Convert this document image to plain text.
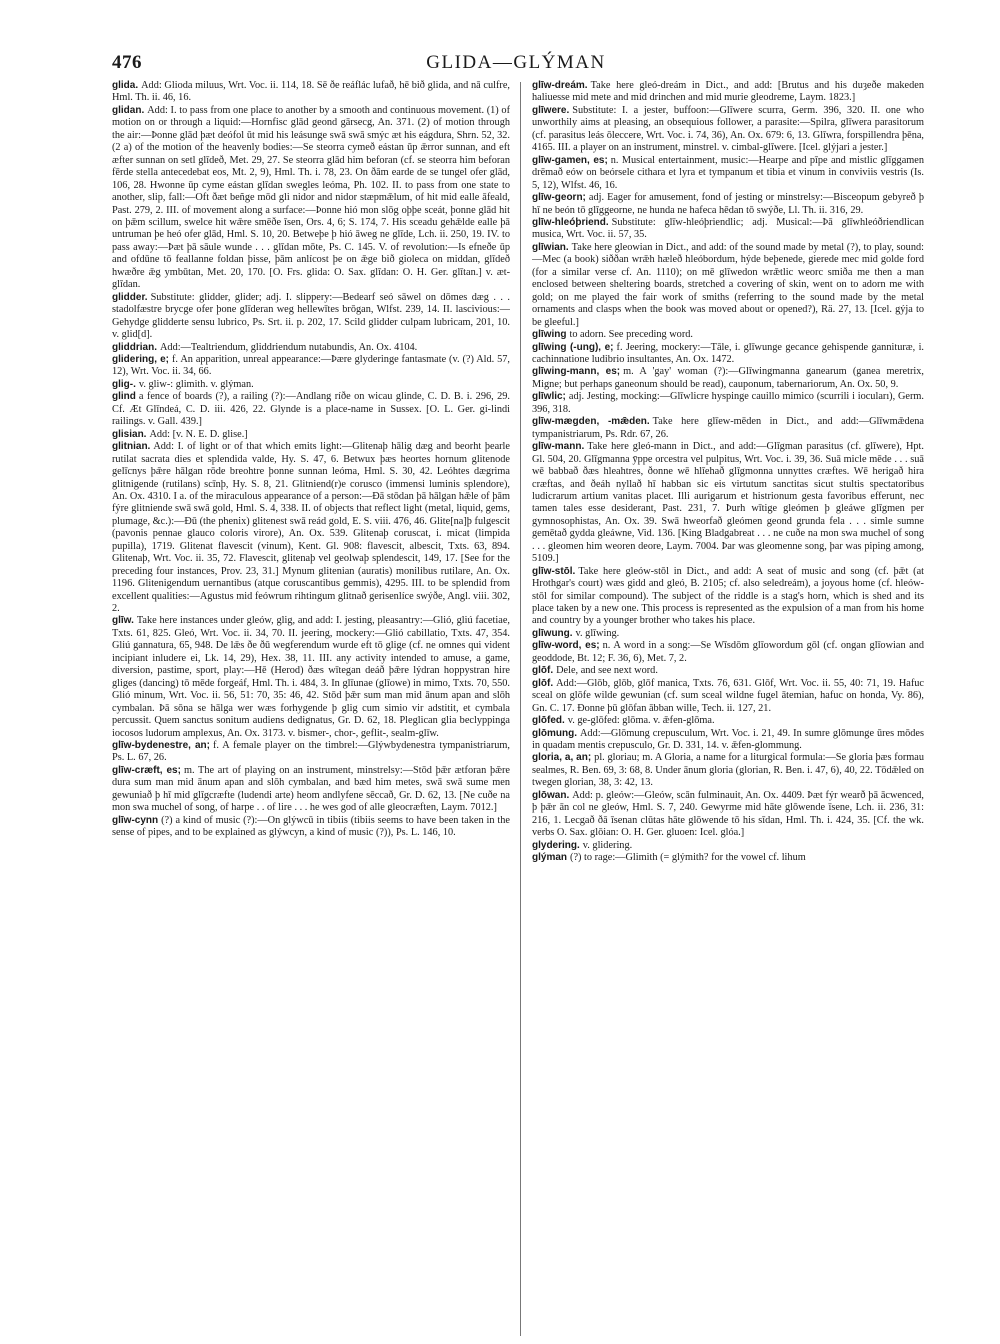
476	GLIDA—GLÝMAN

glida. Add: Glioda miluus, Wrt. Voc. ii. 114, 18. Sē ðe reáflác lufað, hē bið glida, and nā culfre, Hml. Th. ii. 46, 16.

glidan. Add: I. to pass from one place to another by a smooth and continuous movement. (1) of motion on or through a liquid:—Hornfisc glād geond gārsecg, An. 371. (2) of motion through the air:—Þonne glād þæt deófol ūt mid his leásunge swā swā smýc æt his eágdura, Shrn. 52, 32. (2 a) of the motion of the heavenly bodies:—Se steorra cymeð eástan ūp ǣrror sunnan, and eft æfter sunnan on setl glīdeð, Met. 29, 27. Se steorra glād him beforan (cf. se steorra him beforan fērde stella antecedebat eos, Mt. 2, 9), Hml. Th. i. 78, 23. On ðām earde de se tungel ofer glād, 106, 28. Hwonne ūp cyme eástan glīdan swegles leóma, Ph. 102. II. to pass from one state to another, slip, fall:—Oft ðæt beñge mōd gli nidor and nidor stæpmǣlum, of hit mid ealle āfeald, Past. 279, 2. III. of movement along a surface:—Þonne hió mon slōg oþþe sceát, þonne glād hit on þǣm scillum, swelce hit wǣre smēðe īsen, Ors. 4, 6; S. 174, 7. His sceadu gehǣlde ealle þā untruman þe heó ofer glād, Hml. S. 10, 20. Betweþe þ hió āweg ne glīde, Lch. ii. 250, 19. IV. to pass away:—Þæt þā sāule wunde . . . glīdan mōte, Ps. C. 145. V. of revolution:—Is efneðe ūp and ofdūne tō feallanne foldan þisse, þām anlícost þe on ǣge bið gioleca on middan, glīdeð hwæðre ǣg ymbūtan, Met. 20, 170. [O. Frs. glida: O. Sax. glīdan: O. H. Ger. glītan.] v. æt-glīdan.

glidder. Substitute: glidder, glider; adj. I. slippery:—Bedearf seó sāwel on dōmes dæg . . . stadolfæstre brycge ofer þone glīderan weg hellewītes brōgan, Wlfst. 239, 14. II. lascivious:—Gehydge glidderte sensu lubrico, Ps. Srt. ii. p. 202, 17. Scild glidder culpam lubricam, 201, 10. v. glid[d].

gliddrian. Add:—Tealtriendum, gliddriendum nutabundis, An. Ox. 4104.

glidering, e; f. An apparition, unreal appearance:—Þære glyderinge fantasmate (v. (?) Ald. 57, 12), Wrt. Voc. ii. 34, 66.

glig-. v. gliw-: glimith. v. glýman.

glind a fence of boards (?), a railing (?):—Andlang ríðe on wicau glinde, C. D. B. i. 296, 29. Cf. Æt Glīndeá, C. D. iii. 426, 22. Glynde is a place-name in Sussex. [O. L. Ger. gi-lindi railings. v. Gall. 439.]

glisian. Add: [v. N. E. D. glise.]

glitnian. Add: I. of light or of that which emits light:—Glitenaþ hālig dæg and beorht þearle rutilat sacrata dies et splendida valde, Hy. S. 47, 6. Betwux þæs heortes hornum glitenode gelīcnys þǣre hālgan rōde breohtre þonne sunnan leóma, Hml. S. 30, 42. Leóhtes dægrima glitnigende (rutilans) scīnþ, Hy. S. 8, 21. Glitniend(r)e corusco (immensi luminis splendore), An. Ox. 4310. I a. of the miraculous appearance of a person:—Ðā stōdan þā hālgan hǣle of þām fýre glitniende swā swā gold, Hml. S. 4, 338. II. of objects that reflect light (metal, liquid, gems, plumage, &c.):—Ðū (the phenix) glitenest swā reád gold, E. S. viii. 476, 46. Glite[na]þ fulgescit (pavonis pennae glauco coloris virore), An. Ox. 539. Glitenaþ coruscat, i. micat (limpida pupilla), 1719. Glitenat flavescit (vinum), Kent. Gl. 908: flavescit, albescit, Txts. 63, 894. Glitenaþ, Wrt. Voc. ii. 35, 72. Flavescit, glitenaþ vel geolwaþ splendescit, 149, 17. [See for the preceding four instances, Prov. 23, 31.] Mynum glitenian (auratis) monilibus rutilare, An. Ox. 1196. Glitenigendum uernantibus (atque coruscantibus gemmis), 4295. III. to be splendid from excellent qualities:—Agustus mid feówrum rihtingum glitnað gerisenlíce swýðe, Angl. viii. 302, 2.

glīw. Take here instances under gleów, glig, and add: I. jesting, pleasantry:—Glió, gliú facetiae, Txts. 61, 825. Gleó, Wrt. Voc. ii. 34, 70. II. jeering, mockery:—Glió cabillatio, Txts. 47, 354. Gliú gannatura, 65, 948. De lǣs ðe ðū wegferendum wurde eft tō glige (cf. ne omnes qui vident incipiant inludere ei, Lk. 14, 29), Hex. 38, 11. III. any activity intended to amuse, a game, diversion, pastime, sport, play:—Hē (Herod) ðæs wītegan deáð þǣre lýdran hoppystran hire gliges (dancing) tō mēde forgeáf, Hml. Th. i. 484, 3. In glīunae (glīowe) in mimo, Txts. 70, 550. Glió minum, Wrt. Voc. ii. 56, 51: 70, 35: 46, 42. Stōd þǣr sum man mid ānum apan and slōh cymbalan. Þā sōna se hālga wer wæs forhygende þ glig cum simio vir adstitit, et cymbala percussit. Quem sanctus sonitum audiens dedignatus, Gr. D. 62, 18. Pleglican glia beclyppinga iocosos ludorum amplexus, An. Ox. 3173. v. bismer-, chor-, geflit-, sealm-glīw.

glīw-bydenestre, an; f. A female player on the timbrel:—Glýwbydenestra tympanistriarum, Ps. L. 67, 26.

glīw-cræft, es; m. The art of playing on an instrument, minstrelsy:—Stōd þǣr ætforan þǣre dura sum man mid ānum apan and slōh cymbalan, and bæd him metes, swā swā sume men gewuniað þ hī mid glīgcræfte (ludendi arte) heom andlyfene sēccað, Gr. D. 62, 13. [Ne cuðe na mon swa muchel of song, of harpe . . of lire . . . he wes god of alle gleocræften, Laym. 7012.]

glīw-cynn (?) a kind of music (?):—On glýwcū in tibiis (tibiis seems to have been taken in the sense of pipes, and to be explained as glýwcyn, a kind of music (?)), Ps. L. 146, 10.

glīw-dreám. Take here gleó-dreám in Dict., and add: [Brutus and his duȝeðe makeden haliuesse mid mete and mid drinchen and mid murie gleodreme, Laym. 1823.]

glīwere. Substitute: I. a jester, buffoon:—Glīwere scurra, Germ. 396, 320. II. one who unworthily aims at pleasing, an obsequious follower, a parasite:—Spilra, glīwera parasitorum (cf. parasitus leás ōleccere, Wrt. Voc. i. 74, 36), An. Ox. 679: 6, 13. Glīwra, forspillendra þēna, 4165. III. a player on an instrument, minstrel. v. cimbal-glīwere. [Icel. glýjari a jester.]

glīw-gamen, es; n. Musical entertainment, music:—Hearpe and pīpe and mistlic glīggamen drēmað eów on beórsele cithara et lyra et tympanum et tibia et vinum in conviviis vestris (Is. 5, 12), Wlfst. 46, 16.

glīw-georn; adj. Eager for amusement, fond of jesting or minstrelsy:—Bisceopum gebyreð þ hī ne beón tō glīggeorne, ne hunda ne hafeca hēdan tō swýðe, Ll. Th. ii. 316, 29.

glīw-hleóþriend. Substitute: glīw-hleóþriendlic; adj. Musical:—Þā glīwhleóðriendlican musica, Wrt. Voc. ii. 57, 35.

glīwian. Take here gleowian in Dict., and add: of the sound made by metal (?), to play, sound:—Mec (a book) siððan wrǣh hæleð hleóbordum, hýde beþenede, gierede mec mid golde ford (for a similar verse cf. An. 1110); on mē glīwedon wrǣtlic weorc smiða me then a man enclosed between sheltering boards, stretched a covering of skin, went on to adorn me with gold; on me played the fair work of smiths (referring to the sound made by the metal ornaments and clasps when the book was moved about or opened?), Rä. 27, 13. [Icel. gýja to be gleeful.]

glīwing to adorn. See preceding word.

glīwing (-ung), e; f. Jeering, mockery:—Tāle, i. glīwunge gecance gehispende gannituræ, i. cachinnatione ludibrio insultantes, An. Ox. 1472.

glīwing-mann, es; m. A 'gay' woman (?):—Glīwingmanna ganearum (ganea meretrix, Migne; but perhaps ganeonum should be read), cauponum, tabernariorum, An. Ox. 50, 9.

glīwlic; adj. Jesting, mocking:—Glīwlicre hyspinge cauillo mimico (scurrili i iocuları), Germ. 396, 318.

glīw-mægden, -mǣden. Take here glīew-mēden in Dict., and add:—Glīwmǣdena tympanistriarum, Ps. Rdr. 67, 26.

glīw-mann. Take here gleó-mann in Dict., and add:—Glīgman parasitus (cf. glīwere), Hpt. Gl. 504, 20. Glīgmanna ȳppe orcestra vel pulpitus, Wrt. Voc. i. 39, 36. Suā micle mēde . . . suā wē babbað ðæs hleahtres, ðonne wē hlīehað glīgmonna unnyttes cræftes. Wē herigað hira cræftas, and ðeáh nyllað hī habban sic eis virtutum sanctitas sicut stultis spectatoribus ludicrarum artium vanitas placet. Illi aurigarum et histrionum gesta favoribus efferunt, nec tamen tales esse desiderant, Past. 231, 7. Þurh wītige gleómen þ gleáwe glīgmen per gymnosophistas, An. Ox. 39. Swā hweorfað gleómen geond grunda fela . . . simle sumne gemētað gydda gleáwne, Vid. 136. [King Bladgabreat . . . ne cuðe na mon swa muchel of song . . . gleomen him weoren deore, Laym. 7004. Þar was gleomenne song, þar was piping among, 5109.]

glīw-stōl. Take here gleów-stōl in Dict., and add: A seat of music and song (cf. þǣt (at Hrothgar's court) wæs gidd and gleó, B. 2105; cf. also seledreám), a joyous home (cf. hleów-stōl for similar compound). The subject of the riddle is a stag's horn, which is shed and its place taken by a new one. This process is represented as the expulsion of a man from his home and country by a younger brother who takes his place.

glīwung. v. glīwing.

glīw-word, es; n. A word in a song:—Se Wīsdōm glīowordum gōl (cf. ongan glīowian and geoddode, Bt. 12; F. 36, 6), Met. 7, 2.

glōf. Dele, and see next word.

glōf. Add:—Glōb, glōb, glōf manica, Txts. 76, 631. Glōf, Wrt. Voc. ii. 55, 40: 71, 19. Hafuc sceal on glōfe wilde gewunian (cf. sum sceal wildne fugel ātemian, hafuc on honda, Vy. 86), Gn. C. 17. Ðonne þū glōfan ābban wille, Tech. ii. 127, 21.

glōfed. v. ge-glōfed: glōma. v. ǣfen-glōma.

glōmung. Add:—Glōmung crepusculum, Wrt. Voc. i. 21, 49. In sumre glōmunge ūres mōdes in quadam mentis crepusculo, Gr. D. 331, 14. v. ǣfen-glommung.

gloria, a, an; pl. gloriau; m. A Gloria, a name for a liturgical formula:—Se gloria þæs formau sealmes, R. Ben. 69, 3: 68, 8. Under ānum gloria (glorian, R. Ben. i. 47, 6), 40, 22. Tōdǣled on twegen glorian, 38, 3: 42, 13.

glōwan. Add: p. gleów:—Gleów, scān fulminauit, An. Ox. 4409. Þæt fýr wearð þā ācwenced, þ þǣr ān col ne gleów, Hml. S. 7, 240. Gewyrme mid hāte glōwende īsene, Lch. ii. 236, 31: 216, 1. Lecgað ðā īsenan clūtas hāte glōwende tō his sīdan, Hml. Th. i. 424, 35. [Cf. the wk. verbs O. Sax. glōian: O. H. Ger. gluoen: Icel. glóa.]

glydering. v. glidering.

glýman (?) to rage:—Glimith (= glýmith? for the vowel cf. lihum
